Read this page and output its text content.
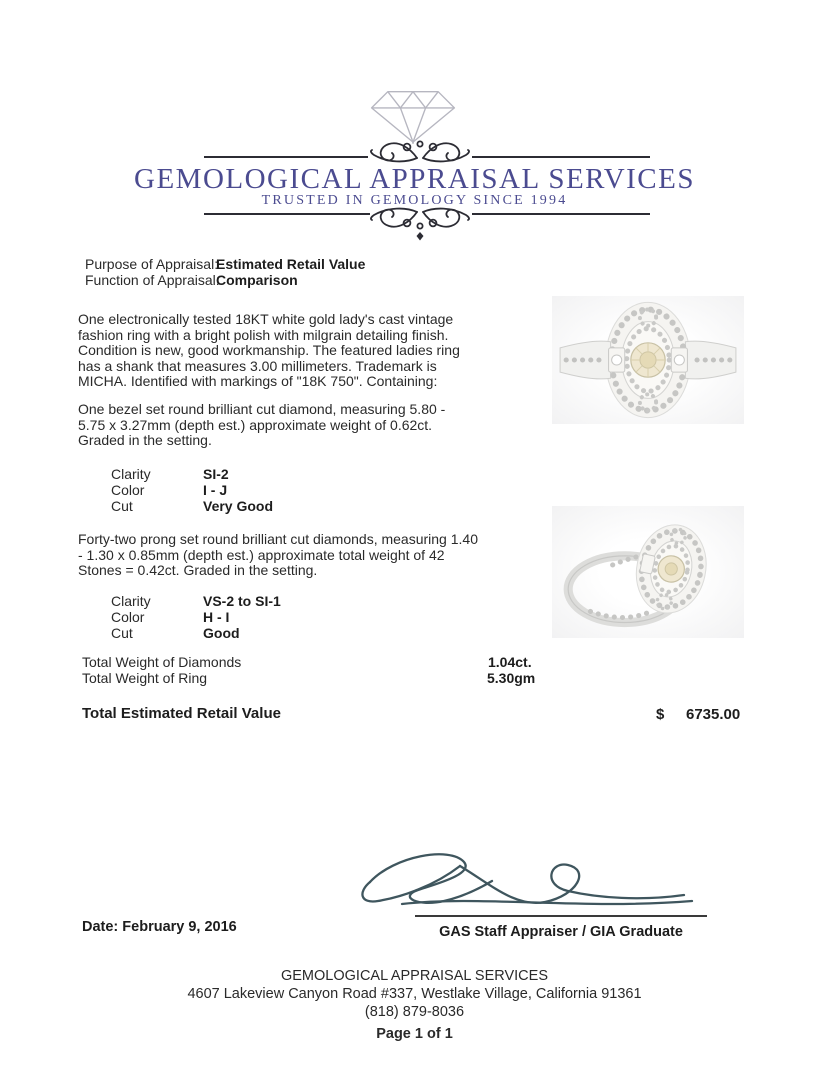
GEMOLOGICAL APPRAISAL SERVICES
TRUSTED IN GEMOLOGY SINCE 1994
Purpose of Appraisal:
Estimated Retail Value
Function of Appraisal:
Comparison
One electronically tested 18KT white gold lady's cast vintage fashion ring with a bright polish with milgrain detailing finish. Condition is new, good workmanship. The featured ladies ring has a shank that measures 3.00 millimeters. Trademark is MICHA. Identified with markings of "18K 750". Containing:
One bezel set round brilliant cut diamond, measuring 5.80 - 5.75 x 3.27mm (depth est.) approximate weight of 0.62ct. Graded in the setting.
Clarity	SI-2
Color	I - J
Cut	Very Good
Forty-two prong set round brilliant cut diamonds, measuring 1.40 - 1.30 x 0.85mm (depth est.) approximate total weight of 42 Stones = 0.42ct. Graded in the setting.
Clarity	VS-2 to SI-1
Color	H - I
Cut	Good
Total Weight of Diamonds	1.04ct.
Total Weight of Ring	5.30gm
Total Estimated Retail Value	$ 6735.00
Date: February 9, 2016	GAS Staff Appraiser / GIA Graduate
GEMOLOGICAL APPRAISAL SERVICES
4607 Lakeview Canyon Road #337, Westlake Village, California 91361
(818) 879-8036
Page 1 of 1
